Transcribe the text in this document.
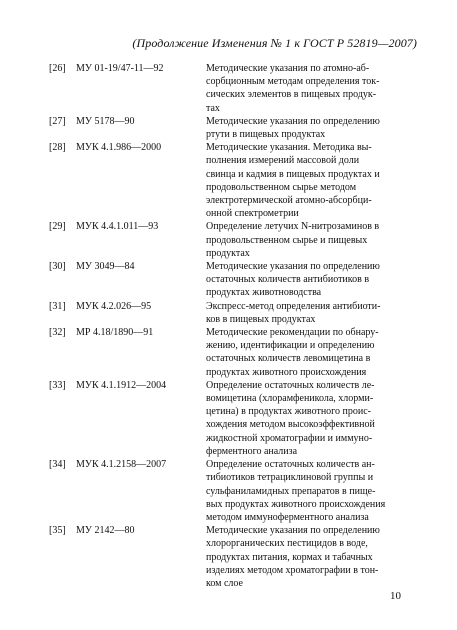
(Продолжение Изменения № 1 к ГОСТ Р 52819—2007)
[26]	МУ 01-19/47-11—92	Методические указания по атомно-аб-
сорбционным методам определения ток-
сических элементов в пищевых продук-
тах
[27]	МУ 5178—90	Методические указания по определению
ртути в пищевых продуктах
[28]	МУК 4.1.986—2000	Методические указания. Методика вы-
полнения измерений массовой доли
свинца и кадмия в пищевых продуктах и
продовольственном сырье методом
электротермической атомно-абсорбци-
онной спектрометрии
[29]	МУК 4.4.1.011—93	Определение летучих N-нитрозаминов в
продовольственном сырье и пищевых
продуктах
[30]	МУ 3049—84	Методические указания по определению
остаточных количеств антибиотиков в
продуктах животноводства
[31]	МУК 4.2.026—95	Экспресс-метод определения антибиоти-
ков в пищевых продуктах
[32]	МР 4.18/1890—91	Методические рекомендации по обнару-
жению, идентификации и определению
остаточных количеств левомицетина в
продуктах животного происхождения
[33]	МУК 4.1.1912—2004	Определение остаточных количеств ле-
вомицетина (хлорамфеникола, хлорми-
цетина) в продуктах животного проис-
хождения методом высокоэффективной
жидкостной хроматографии и иммуно-
ферментного анализа
[34]	МУК 4.1.2158—2007	Определение остаточных количеств ан-
тибиотиков тетрациклиновой группы и
сульфаниламидных препаратов в пище-
вых продуктах животного происхождения
методом иммуноферментного анализа
[35]	МУ 2142—80	Методические указания по определению
хлорорганических пестицидов в воде,
продуктах питания, кормах и табачных
изделиях методом хроматографии в тон-
ком слое
10
